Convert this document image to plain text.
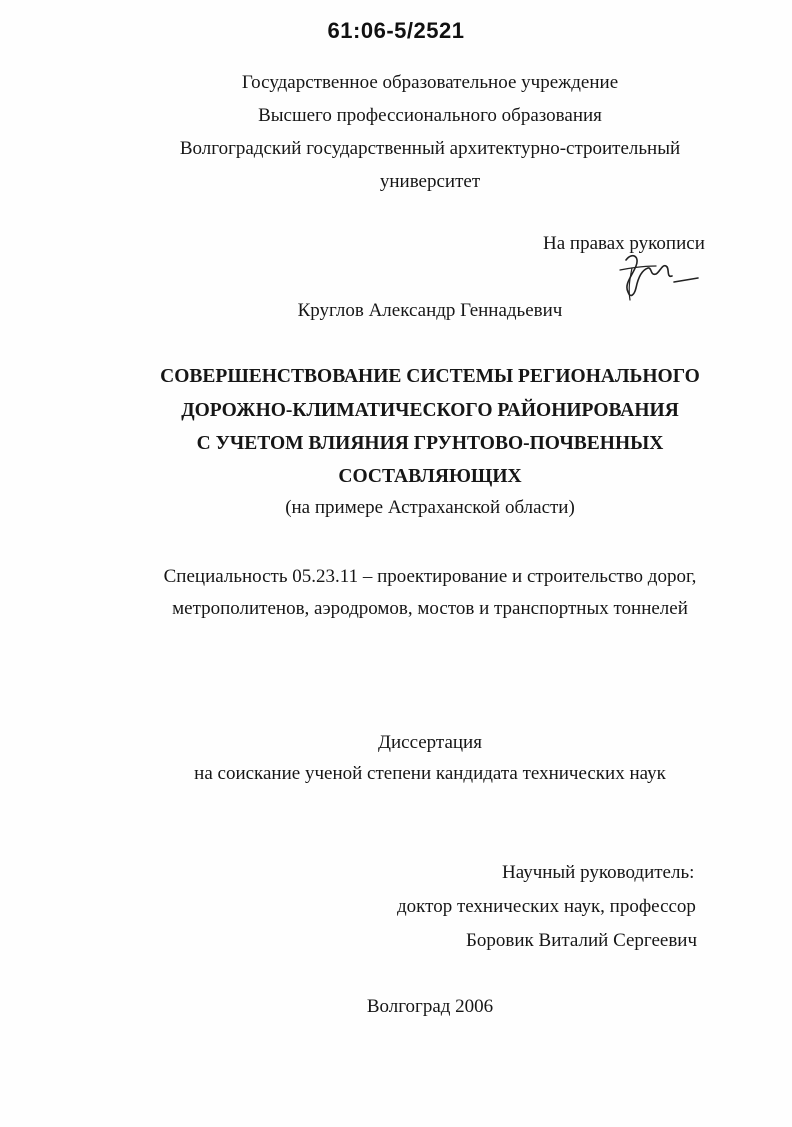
61:06-5/2521
Государственное образовательное учреждение
Высшего профессионального образования
Волгоградский государственный архитектурно-строительный
университет
На правах рукописи
Круглов Александр Геннадьевич
СОВЕРШЕНСТВОВАНИЕ СИСТЕМЫ РЕГИОНАЛЬНОГО
ДОРОЖНО-КЛИМАТИЧЕСКОГО РАЙОНИРОВАНИЯ
С УЧЕТОМ ВЛИЯНИЯ ГРУНТОВО-ПОЧВЕННЫХ
СОСТАВЛЯЮЩИХ
(на примере Астраханской области)
Специальность 05.23.11 – проектирование и строительство дорог,
метрополитенов, аэродромов, мостов и транспортных тоннелей
Диссертация
на соискание ученой степени кандидата технических наук
Научный руководитель:
доктор технических наук, профессор
Боровик Виталий Сергеевич
Волгоград 2006
